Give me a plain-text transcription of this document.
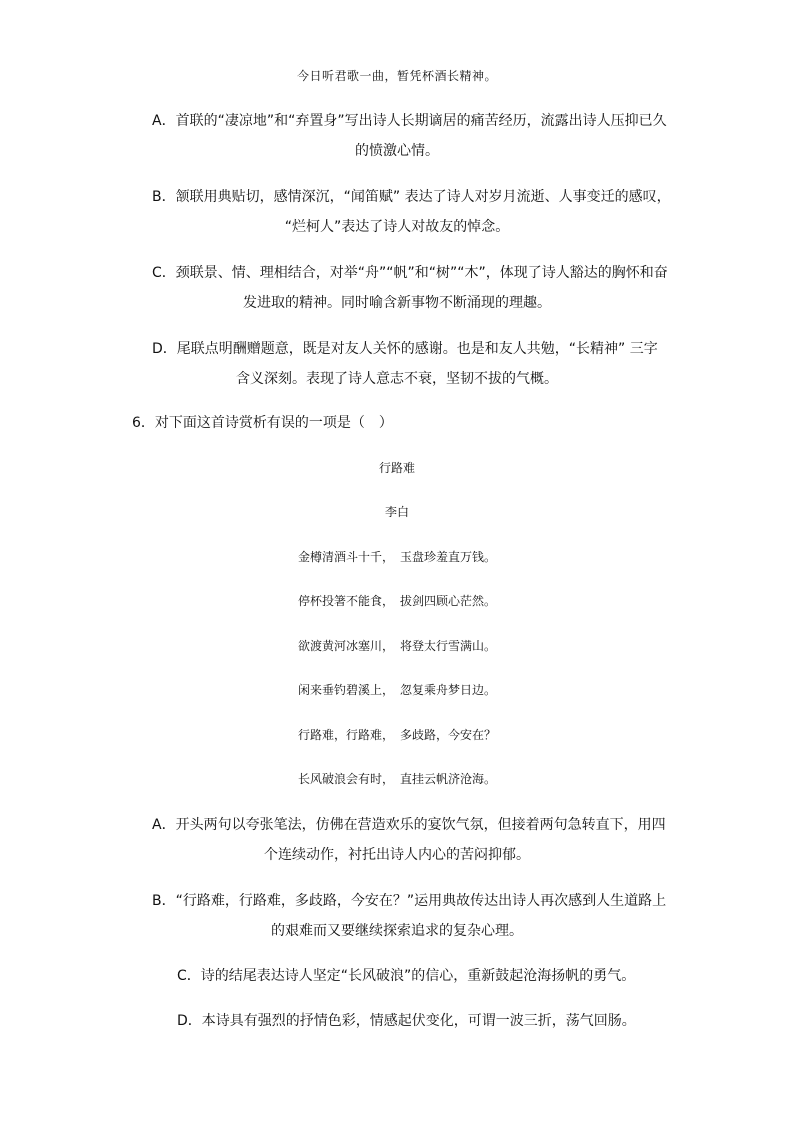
今日听君歌一曲，暂凭杯酒长精神。
A．首联的“凄凉地”和“弃置身”写出诗人长期谪居的痛苦经历，流露出诗人压抑已久
的愤激心情。
B．颔联用典贴切，感情深沉，“闻笛赋” 表达了诗人对岁月流逝、人事变迁的感叹，
“烂柯人”表达了诗人对故友的悼念。
C．颈联景、情、理相结合，对举“舟”“帆”和“树”“木”，体现了诗人豁达的胸怀和奋
发进取的精神。同时喻含新事物不断涌现的理趣。
D．尾联点明酬赠题意，既是对友人关怀的感谢。也是和友人共勉，“长精神” 三字
含义深刻。表现了诗人意志不衰，坚韧不拔的气概。
6．对下面这首诗赏析有误的一项是（　）
行路难
李白
金樽清酒斗十千，　玉盘珍羞直万钱。
停杯投箸不能食，　拔剑四顾心茫然。
欲渡黄河冰塞川，　将登太行雪满山。
闲来垂钓碧溪上，　忽复乘舟梦日边。
行路难，行路难，　多歧路，今安在？
长风破浪会有时，　直挂云帆济沧海。
A．开头两句以夸张笔法，仿佛在营造欢乐的宴饮气氛，但接着两句急转直下，用四
个连续动作，衬托出诗人内心的苦闷抑郁。
B．“行路难，行路难，多歧路，今安在？”运用典故传达出诗人再次感到人生道路上
的艰难而又要继续探索追求的复杂心理。
C．诗的结尾表达诗人坚定“长风破浪”的信心，重新鼓起沧海扬帆的勇气。
D．本诗具有强烈的抒情色彩，情感起伏变化，可谓一波三折，荡气回肠。
